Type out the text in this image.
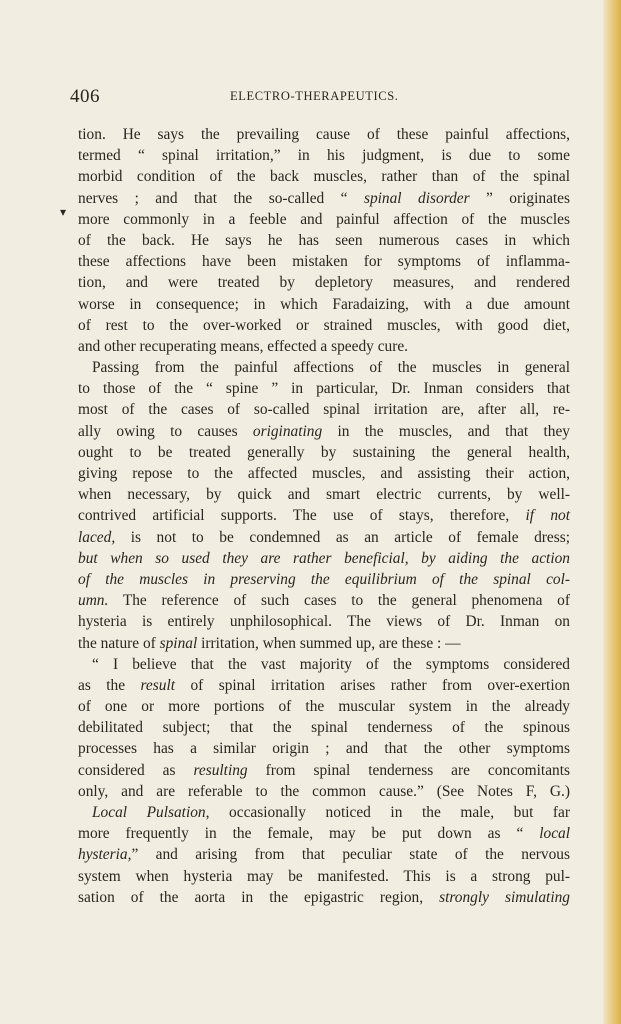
406	ELECTRO-THERAPEUTICS.
▾
tion. He says the prevailing cause of these painful affections,
termed “ spinal irritation,” in his judgment, is due to some
morbid condition of the back muscles, rather than of the spinal
nerves ; and that the so-called “ spinal disorder ” originates
more commonly in a feeble and painful affection of the muscles
of the back. He says he has seen numerous cases in which
these affections have been mistaken for symptoms of inflamma-
tion, and were treated by depletory measures, and rendered
worse in consequence; in which Faradaizing, with a due amount
of rest to the over-worked or strained muscles, with good diet,
and other recuperating means, effected a speedy cure.
Passing from the painful affections of the muscles in general
to those of the “ spine ” in particular, Dr. Inman considers that
most of the cases of so-called spinal irritation are, after all, re-
ally owing to causes originating in the muscles, and that they
ought to be treated generally by sustaining the general health,
giving repose to the affected muscles, and assisting their action,
when necessary, by quick and smart electric currents, by well-
contrived artificial supports. The use of stays, therefore, if not
laced, is not to be condemned as an article of female dress;
but when so used they are rather beneficial, by aiding the action
of the muscles in preserving the equilibrium of the spinal col-
umn. The reference of such cases to the general phenomena of
hysteria is entirely unphilosophical. The views of Dr. Inman on
the nature of spinal irritation, when summed up, are these : —
“ I believe that the vast majority of the symptoms considered
as the result of spinal irritation arises rather from over-exertion
of one or more portions of the muscular system in the already
debilitated subject; that the spinal tenderness of the spinous
processes has a similar origin ; and that the other symptoms
considered as resulting from spinal tenderness are concomitants
only, and are referable to the common cause.” (See Notes F, G.)
Local Pulsation, occasionally noticed in the male, but far
more frequently in the female, may be put down as “ local
hysteria,” and arising from that peculiar state of the nervous
system when hysteria may be manifested. This is a strong pul-
sation of the aorta in the epigastric region, strongly simulating
